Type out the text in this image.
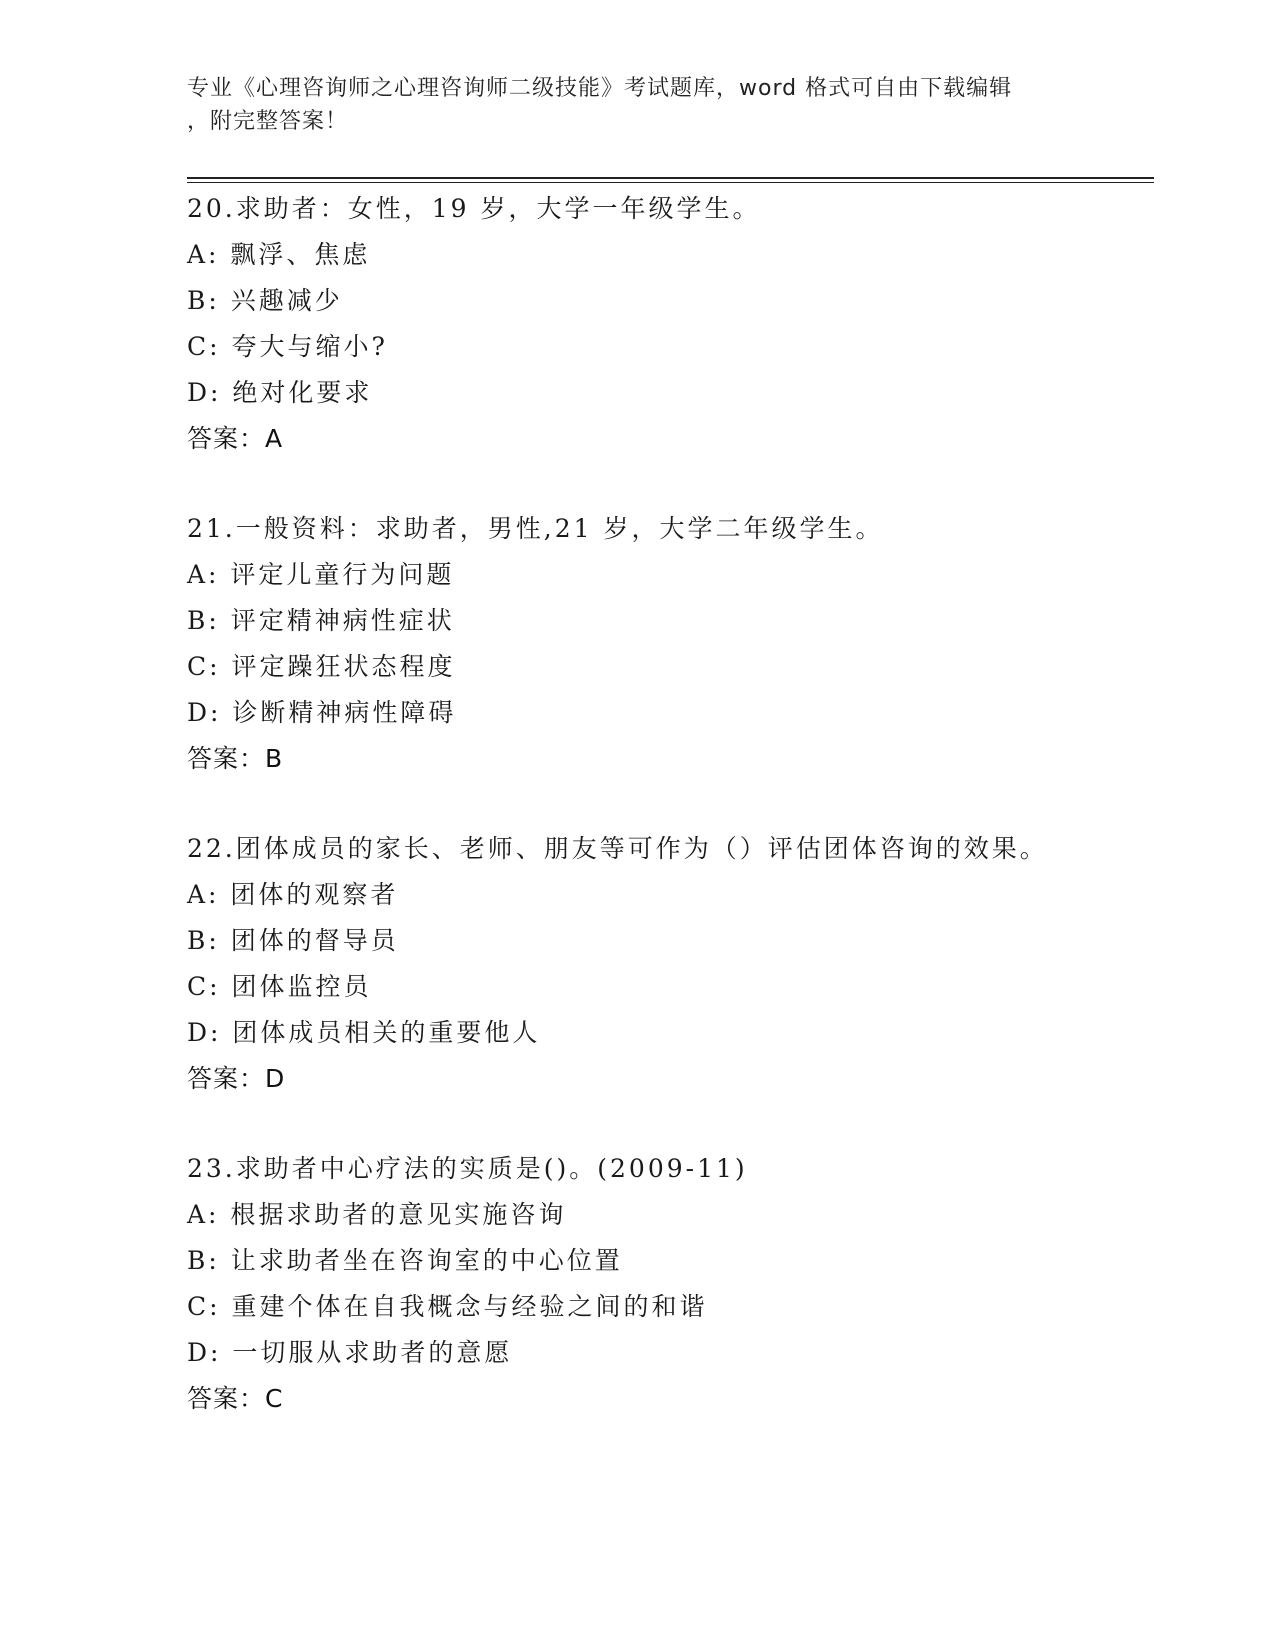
专业《心理咨询师之心理咨询师二级技能》考试题库，word 格式可自由下载编辑
，附完整答案！
20.求助者：女性，19 岁，大学一年级学生。
A: 飘浮、焦虑
B: 兴趣减少
C: 夸大与缩小?
D: 绝对化要求
答案：A
21.一般资料：求助者，男性,21 岁，大学二年级学生。
A: 评定儿童行为问题
B: 评定精神病性症状
C: 评定躁狂状态程度
D: 诊断精神病性障碍
答案：B
22.团体成员的家长、老师、朋友等可作为（）评估团体咨询的效果。
A: 团体的观察者
B: 团体的督导员
C: 团体监控员
D: 团体成员相关的重要他人
答案：D
23.求助者中心疗法的实质是()。(2009-11)
A: 根据求助者的意见实施咨询
B: 让求助者坐在咨询室的中心位置
C: 重建个体在自我概念与经验之间的和谐
D: 一切服从求助者的意愿
答案：C
